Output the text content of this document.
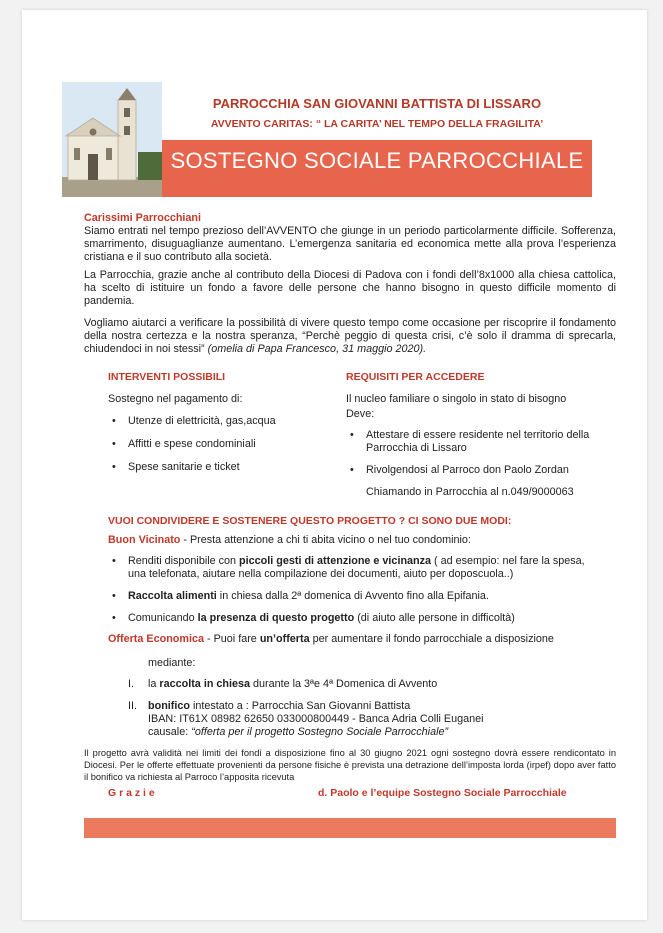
PARROCCHIA SAN GIOVANNI BATTISTA DI LISSARO
AVVENTO CARITAS: “ LA CARITA’ NEL TEMPO DELLA FRAGILITA’
SOSTEGNO SOCIALE PARROCCHIALE

Carissimi Parrocchiani

Siamo entrati nel tempo prezioso dell’AVVENTO che giunge in un periodo particolarmente difficile. Sofferenza, smarrimento, disuguaglianze aumentano. L’emergenza sanitaria ed economica mette alla prova l’esperienza cristiana e il suo contributo alla società.

La Parrocchia, grazie anche al contributo della Diocesi di Padova con i fondi dell’8x1000 alla chiesa cattolica, ha scelto di istituire un fondo a favore delle persone che hanno bisogno in questo difficile momento di pandemia.

Vogliamo aiutarci a verificare la possibilità di vivere questo tempo come occasione per riscoprire il fondamento della nostra certezza e la nostra speranza, “Perchè peggio di questa crisi, c’è solo il dramma di sprecarla, chiudendoci in noi stessi” (omelia di Papa Francesco, 31 maggio 2020).

INTERVENTI POSSIBILI
Sostegno nel pagamento di:
• Utenze di elettricità, gas,acqua
• Affitti e spese condominiali
• Spese sanitarie e ticket
REQUISITI PER ACCEDERE
Il nucleo familiare o singolo in stato di bisogno
Deve:
• Attestare di essere residente nel territorio della Parrocchia di Lissaro
• Rivolgendosi al Parroco don Paolo Zordan
Chiamando in Parrocchia al n.049/9000063
VUOI CONDIVIDERE E SOSTENERE QUESTO PROGETTO ? CI SONO DUE MODI:
Buon Vicinato - Presta attenzione a chi ti abita vicino o nel tuo condominio:
• Renditi disponibile con piccoli gesti di attenzione e vicinanza ( ad esempio: nel fare la spesa, una telefonata, aiutare nella compilazione dei documenti, aiuto per doposcuola..)
• Raccolta alimenti in chiesa dalla 2ª domenica di Avvento fino alla Epifania.
• Comunicando la presenza di questo progetto (di aiuto alle persone in difficoltà)
Offerta Economica - Puoi fare un’offerta per aumentare il fondo parrocchiale a disposizione
mediante:
I. la raccolta in chiesa durante la 3ªe 4ª Domenica di Avvento
II. bonifico intestato a : Parrocchia San Giovanni Battista
IBAN: IT61X 08982 62650 033000800449 - Banca Adria Colli Euganei
causale: “offerta per il progetto Sostegno Sociale Parrocchiale”

Il progetto avrà validità nei limiti dei fondi a disposizione fino al 30 giugno 2021 ogni sostegno dovrà essere rendicontato in Diocesi. Per le offerte effettuate provenienti da persone fisiche è prevista una detrazione dell’imposta lorda (irpef) dopo aver fatto il bonifico va richiesta al Parroco l’apposita ricevuta

G r a z i e	d. Paolo e l’equipe Sostegno Sociale Parrocchiale
